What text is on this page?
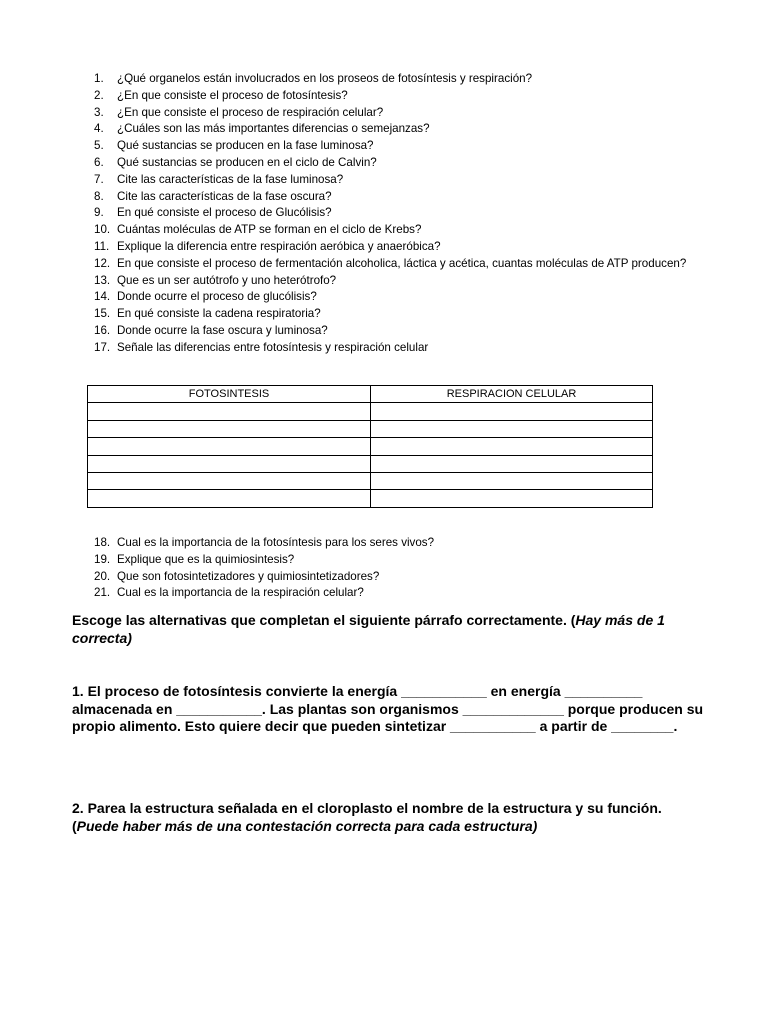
1.	¿Qué organelos están involucrados en los proseos de fotosíntesis y respiración?
2.	¿En que consiste el proceso de fotosíntesis?
3.	¿En que consiste el proceso de respiración celular?
4.	¿Cuáles son las más importantes diferencias o semejanzas?
5.	Qué sustancias se producen en la fase luminosa?
6.	Qué sustancias se producen en el ciclo de Calvin?
7.	Cite las características de la fase luminosa?
8.	Cite las características de la fase oscura?
9.	En qué consiste el proceso de Glucólisis?
10. Cuántas moléculas de ATP se forman en el ciclo de Krebs?
11. Explique la diferencia entre respiración aeróbica y anaeróbica?
12. En que consiste el proceso de fermentación alcoholica, láctica y acética, cuantas moléculas de ATP producen?
13. Que es un ser autótrofo y uno heterótrofo?
14. Donde ocurre el proceso de glucólisis?
15. En qué consiste la cadena respiratoria?
16. Donde ocurre la fase oscura y luminosa?
17. Señale las diferencias entre fotosíntesis y respiración celular
FOTOSINTESIS	RESPIRACION CELULAR

18. Cual es la importancia de la fotosíntesis para los seres vivos?
19. Explique que es la quimiosintesis?
20. Que son fotosintetizadores y quimiosintetizadores?
21. Cual es la importancia de la respiración celular?
Escoge las alternativas que completan el siguiente párrafo correctamente. (Hay más de 1 correcta)
1. El proceso de fotosíntesis convierte la energía ___________ en energía __________ almacenada en ___________. Las plantas son organismos _____________ porque producen su propio alimento. Esto quiere decir que pueden sintetizar ___________ a partir de ________.
2. Parea la estructura señalada en el cloroplasto el nombre de la estructura y su función.
(Puede haber más de una contestación correcta para cada estructura)
